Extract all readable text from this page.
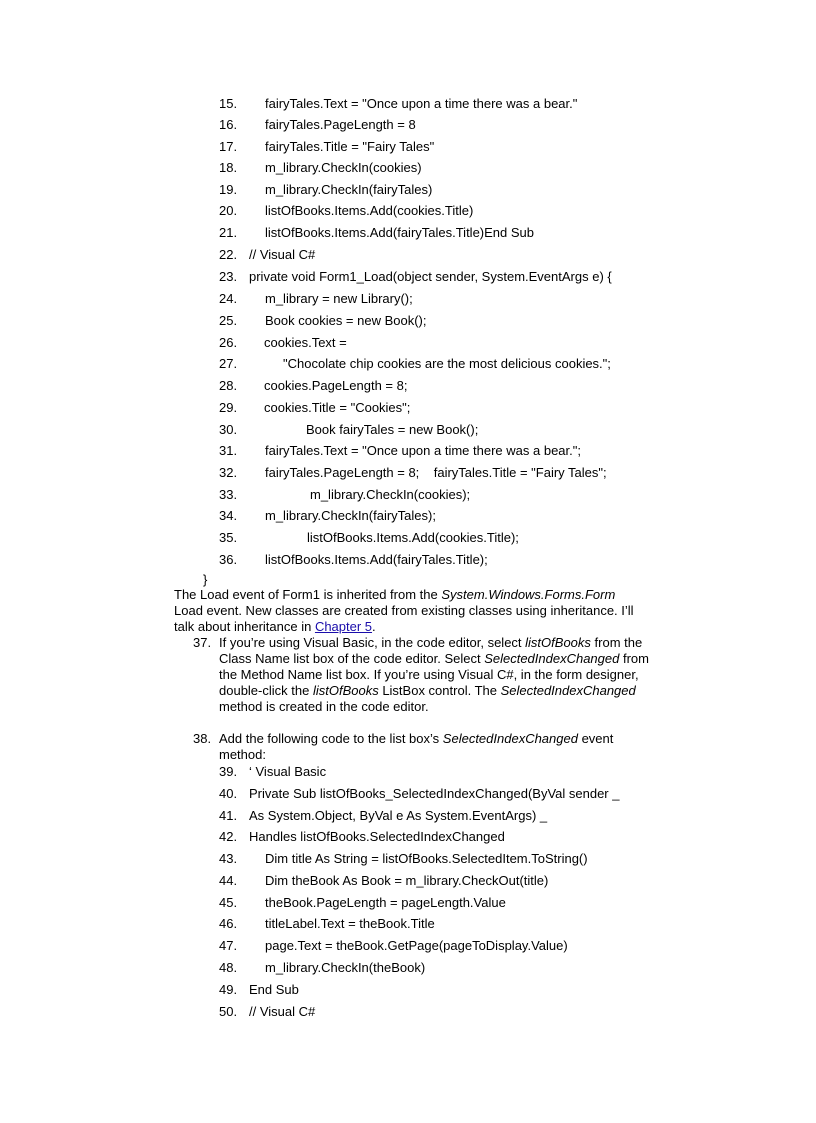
15. fairyTales.Text = "Once upon a time there was a bear."
16. fairyTales.PageLength = 8
17. fairyTales.Title = "Fairy Tales"
18. m_library.CheckIn(cookies)
19. m_library.CheckIn(fairyTales)
20. listOfBooks.Items.Add(cookies.Title)
21. listOfBooks.Items.Add(fairyTales.Title)End Sub
22. // Visual C#
23. private void Form1_Load(object sender, System.EventArgs e) {
24. m_library = new Library();
25. Book cookies = new Book();
26. cookies.Text =
27.	"Chocolate chip cookies are the most delicious cookies.";
28. cookies.PageLength = 8;
29. cookies.Title = "Cookies";
30.	Book fairyTales = new Book();
31. fairyTales.Text = "Once upon a time there was a bear.";
32. fairyTales.PageLength = 8;    fairyTales.Title = "Fairy Tales";
33.	m_library.CheckIn(cookies);
34. m_library.CheckIn(fairyTales);
35.	listOfBooks.Items.Add(cookies.Title);
36. listOfBooks.Items.Add(fairyTales.Title);
}

The Load event of Form1 is inherited from the System.Windows.Forms.Form Load event. New classes are created from existing classes using inheritance. I’ll talk about inheritance in Chapter 5.

37. If you’re using Visual Basic, in the code editor, select listOfBooks from the Class Name list box of the code editor. Select SelectedIndexChanged from the Method Name list box. If you’re using Visual C#, in the form designer, double-click the listOfBooks ListBox control. The SelectedIndexChanged method is created in the code editor.
38. Add the following code to the list box’s SelectedIndexChanged event method:
39. ‘ Visual Basic
40. Private Sub listOfBooks_SelectedIndexChanged(ByVal sender _
41. As System.Object, ByVal e As System.EventArgs) _
42. Handles listOfBooks.SelectedIndexChanged
43. Dim title As String = listOfBooks.SelectedItem.ToString()
44. Dim theBook As Book = m_library.CheckOut(title)
45. theBook.PageLength = pageLength.Value
46. titleLabel.Text = theBook.Title
47. page.Text = theBook.GetPage(pageToDisplay.Value)
48. m_library.CheckIn(theBook)
49. End Sub
50. // Visual C#
